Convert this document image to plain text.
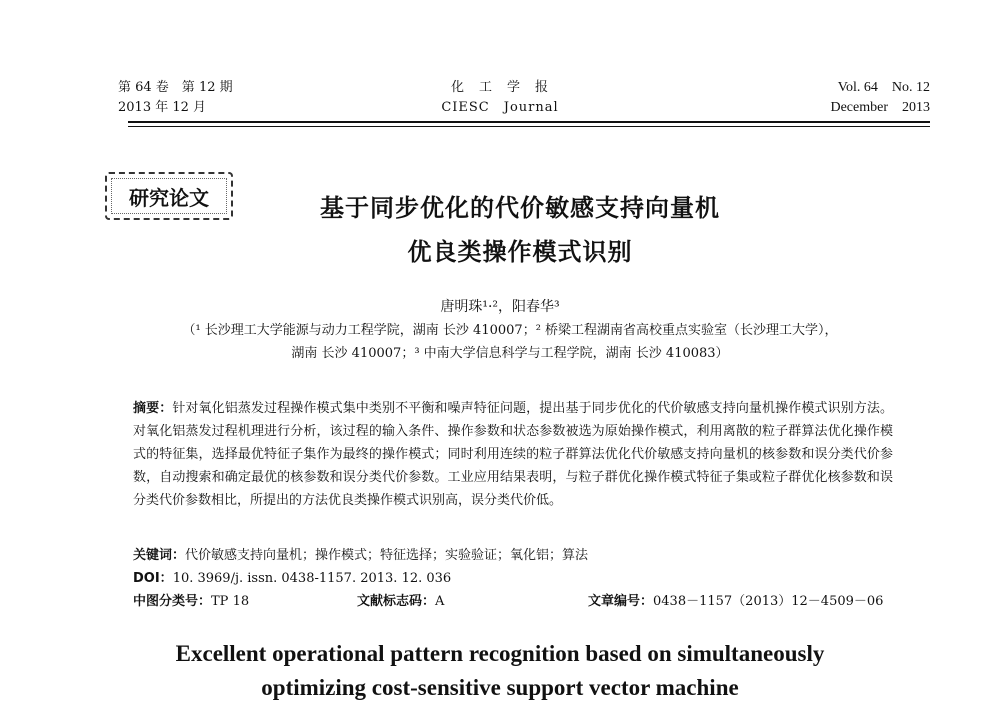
第 64 卷　第 12 期
2013 年 12 月
化　工　学　报
CIESC　Journal
Vol. 64　No. 12
December　2013
研究论文	基于同步优化的代价敏感支持向量机
优良类操作模式识别
唐明珠¹·²，阳春华³
（¹ 长沙理工大学能源与动力工程学院，湖南 长沙 410007；² 桥梁工程湖南省高校重点实验室（长沙理工大学），
湖南 长沙 410007；³ 中南大学信息科学与工程学院，湖南 长沙 410083）
摘要：针对氧化铝蒸发过程操作模式集中类别不平衡和噪声特征问题，提出基于同步优化的代价敏感支持向量机操作模式识别方法。对氧化铝蒸发过程机理进行分析，该过程的输入条件、操作参数和状态参数被选为原始操作模式，利用离散的粒子群算法优化操作模式的特征集，选择最优特征子集作为最终的操作模式；同时利用连续的粒子群算法优化代价敏感支持向量机的核参数和误分类代价参数，自动搜索和确定最优的核参数和误分类代价参数。工业应用结果表明，与粒子群优化操作模式特征子集或粒子群优化核参数和误分类代价参数相比，所提出的方法优良类操作模式识别高，误分类代价低。
关键词：代价敏感支持向量机；操作模式；特征选择；实验验证；氧化铝；算法
DOI：10. 3969/j. issn. 0438-1157. 2013. 12. 036
中图分类号：TP 18	文献标志码：A	文章编号：0438－1157（2013）12－4509－06
Excellent operational pattern recognition based on simultaneously
optimizing cost-sensitive support vector machine
